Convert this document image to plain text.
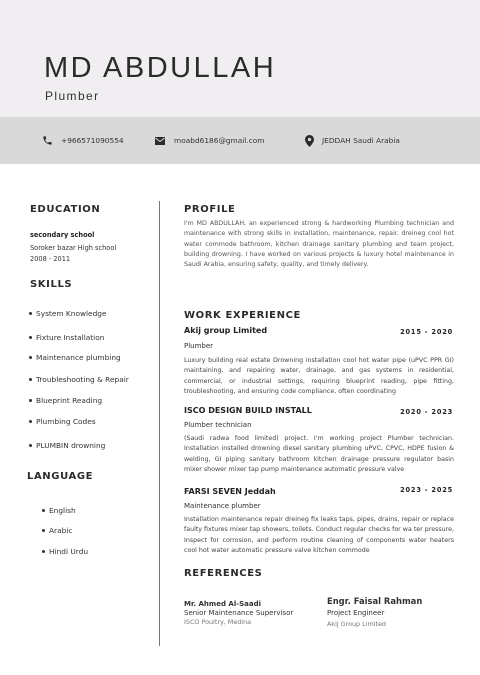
MD ABDULLAH
Plumber
+966571090554	moabd6186@gmail.com	JEDDAH Saudi Arabia
EDUCATION
secondary school
Soroker bazar High school
2008 - 2011
SKILLS
System Knowledge
Fixture Installation
Maintenance plumbing
Troubleshooting & Repair
Blueprint Reading
Plumbing Codes
PLUMBIN drowning
LANGUAGE
English
Arabic
Hindi Urdu
PROFILE
I'm MD ABDULLAH, an experienced strong & hardworking Plumbing technician and maintenance with strong skills in installation, maintenance, repair. dreineg cool hot water commode bathroom, kitchen drainage sanitary plumbing and team project, building drowning. I have worked on various projects & luxury hotel maintenance in Saudi Arabia, ensuring safety, quality, and timely delivery.
WORK EXPERIENCE
Akij group Limited	2015 - 2020
Plumber
Luxury building real estate Drowning installation cool hot water pipe (uPVC PPR GI) maintaining, and repairing water, drainage, and gas systems in residential, commercial, or industrial settings, requiring blueprint reading, pipe fitting, troubleshooting, and ensuring code compliance, often coordinating
ISCO DESIGN BUILD INSTALL	2020 - 2023
Plumber technician
(Saudi radwa food limited) project. I'm working project Plumber technician. Installation installed drowning diesel sanitary plumbing uPVC, CPVC, HDPE fusion & welding, GI piping sanitary bathroom kitchen drainage pressure regulator basin mixer shower mixer tap pump maintenance automatic pressure valve
FARSI SEVEN Jeddah	2023 - 2025
Maintenance plumber
Installation maintenance repair dreineg fix leaks taps, pipes, drains, repair or replace faulty fixtures mixer tap showers, toilets. Conduct regular checks for wa ter pressure, Inspect for corrosion, and perform routine cleaning of components water heaters cool hot water automatic pressure valve kitchen commode
REFERENCES
Mr. Ahmed Al-Saadi
Senior Maintenance Supervisor
ISCO Poultry, Medina
Engr. Faisal Rahman
Project Engineer
Akij Group Limited
